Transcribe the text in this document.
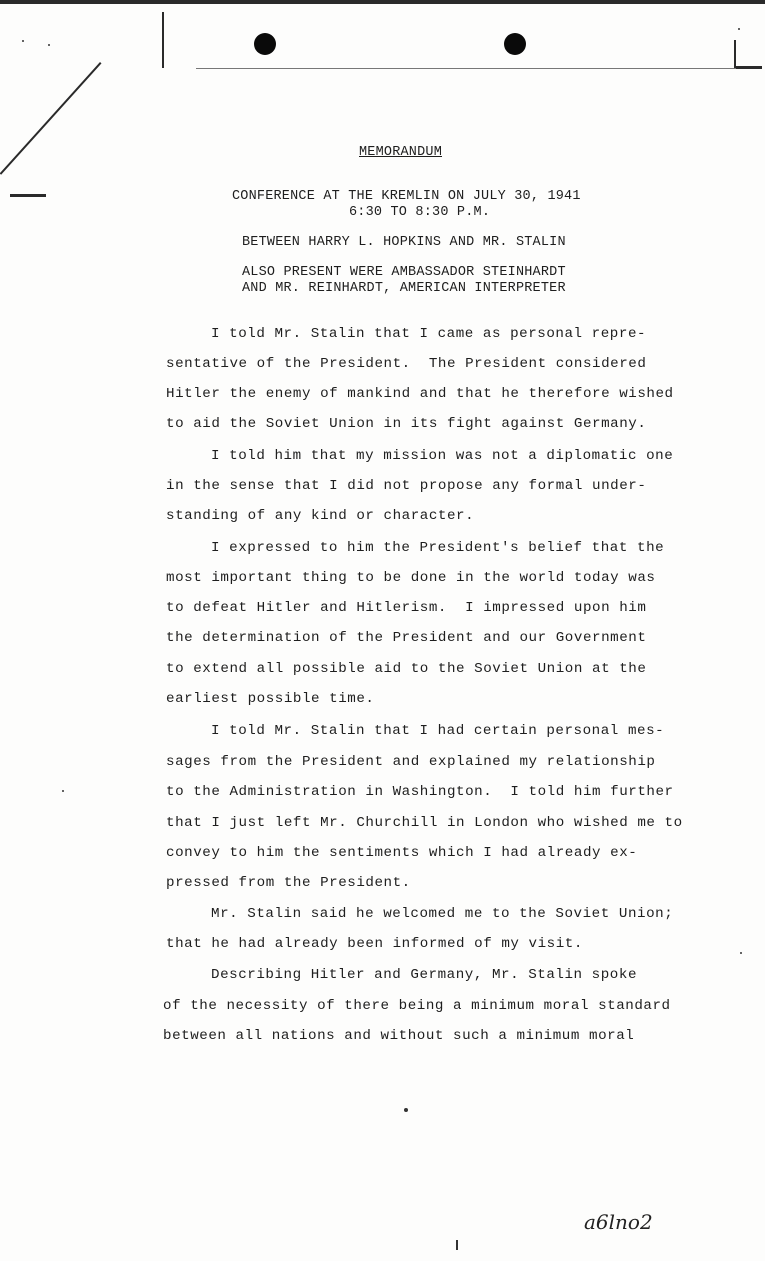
MEMORANDUM
CONFERENCE AT THE KREMLIN ON JULY 30, 1941
6:30 TO 8:30 P.M.
BETWEEN HARRY L. HOPKINS AND MR. STALIN
ALSO PRESENT WERE AMBASSADOR STEINHARDT
AND MR. REINHARDT, AMERICAN INTERPRETER
I told Mr. Stalin that I came as personal repre-
sentative of the President.  The President considered
Hitler the enemy of mankind and that he therefore wished
to aid the Soviet Union in its fight against Germany.
I told him that my mission was not a diplomatic one
in the sense that I did not propose any formal under-
standing of any kind or character.
I expressed to him the President's belief that the
most important thing to be done in the world today was
to defeat Hitler and Hitlerism.  I impressed upon him
the determination of the President and our Government
to extend all possible aid to the Soviet Union at the
earliest possible time.
I told Mr. Stalin that I had certain personal mes-
sages from the President and explained my relationship
to the Administration in Washington.  I told him further
that I just left Mr. Churchill in London who wished me to
convey to him the sentiments which I had already ex-
pressed from the President.
Mr. Stalin said he welcomed me to the Soviet Union;
that he had already been informed of my visit.
Describing Hitler and Germany, Mr. Stalin spoke
of the necessity of there being a minimum moral standard
between all nations and without such a minimum moral
a6lno2
